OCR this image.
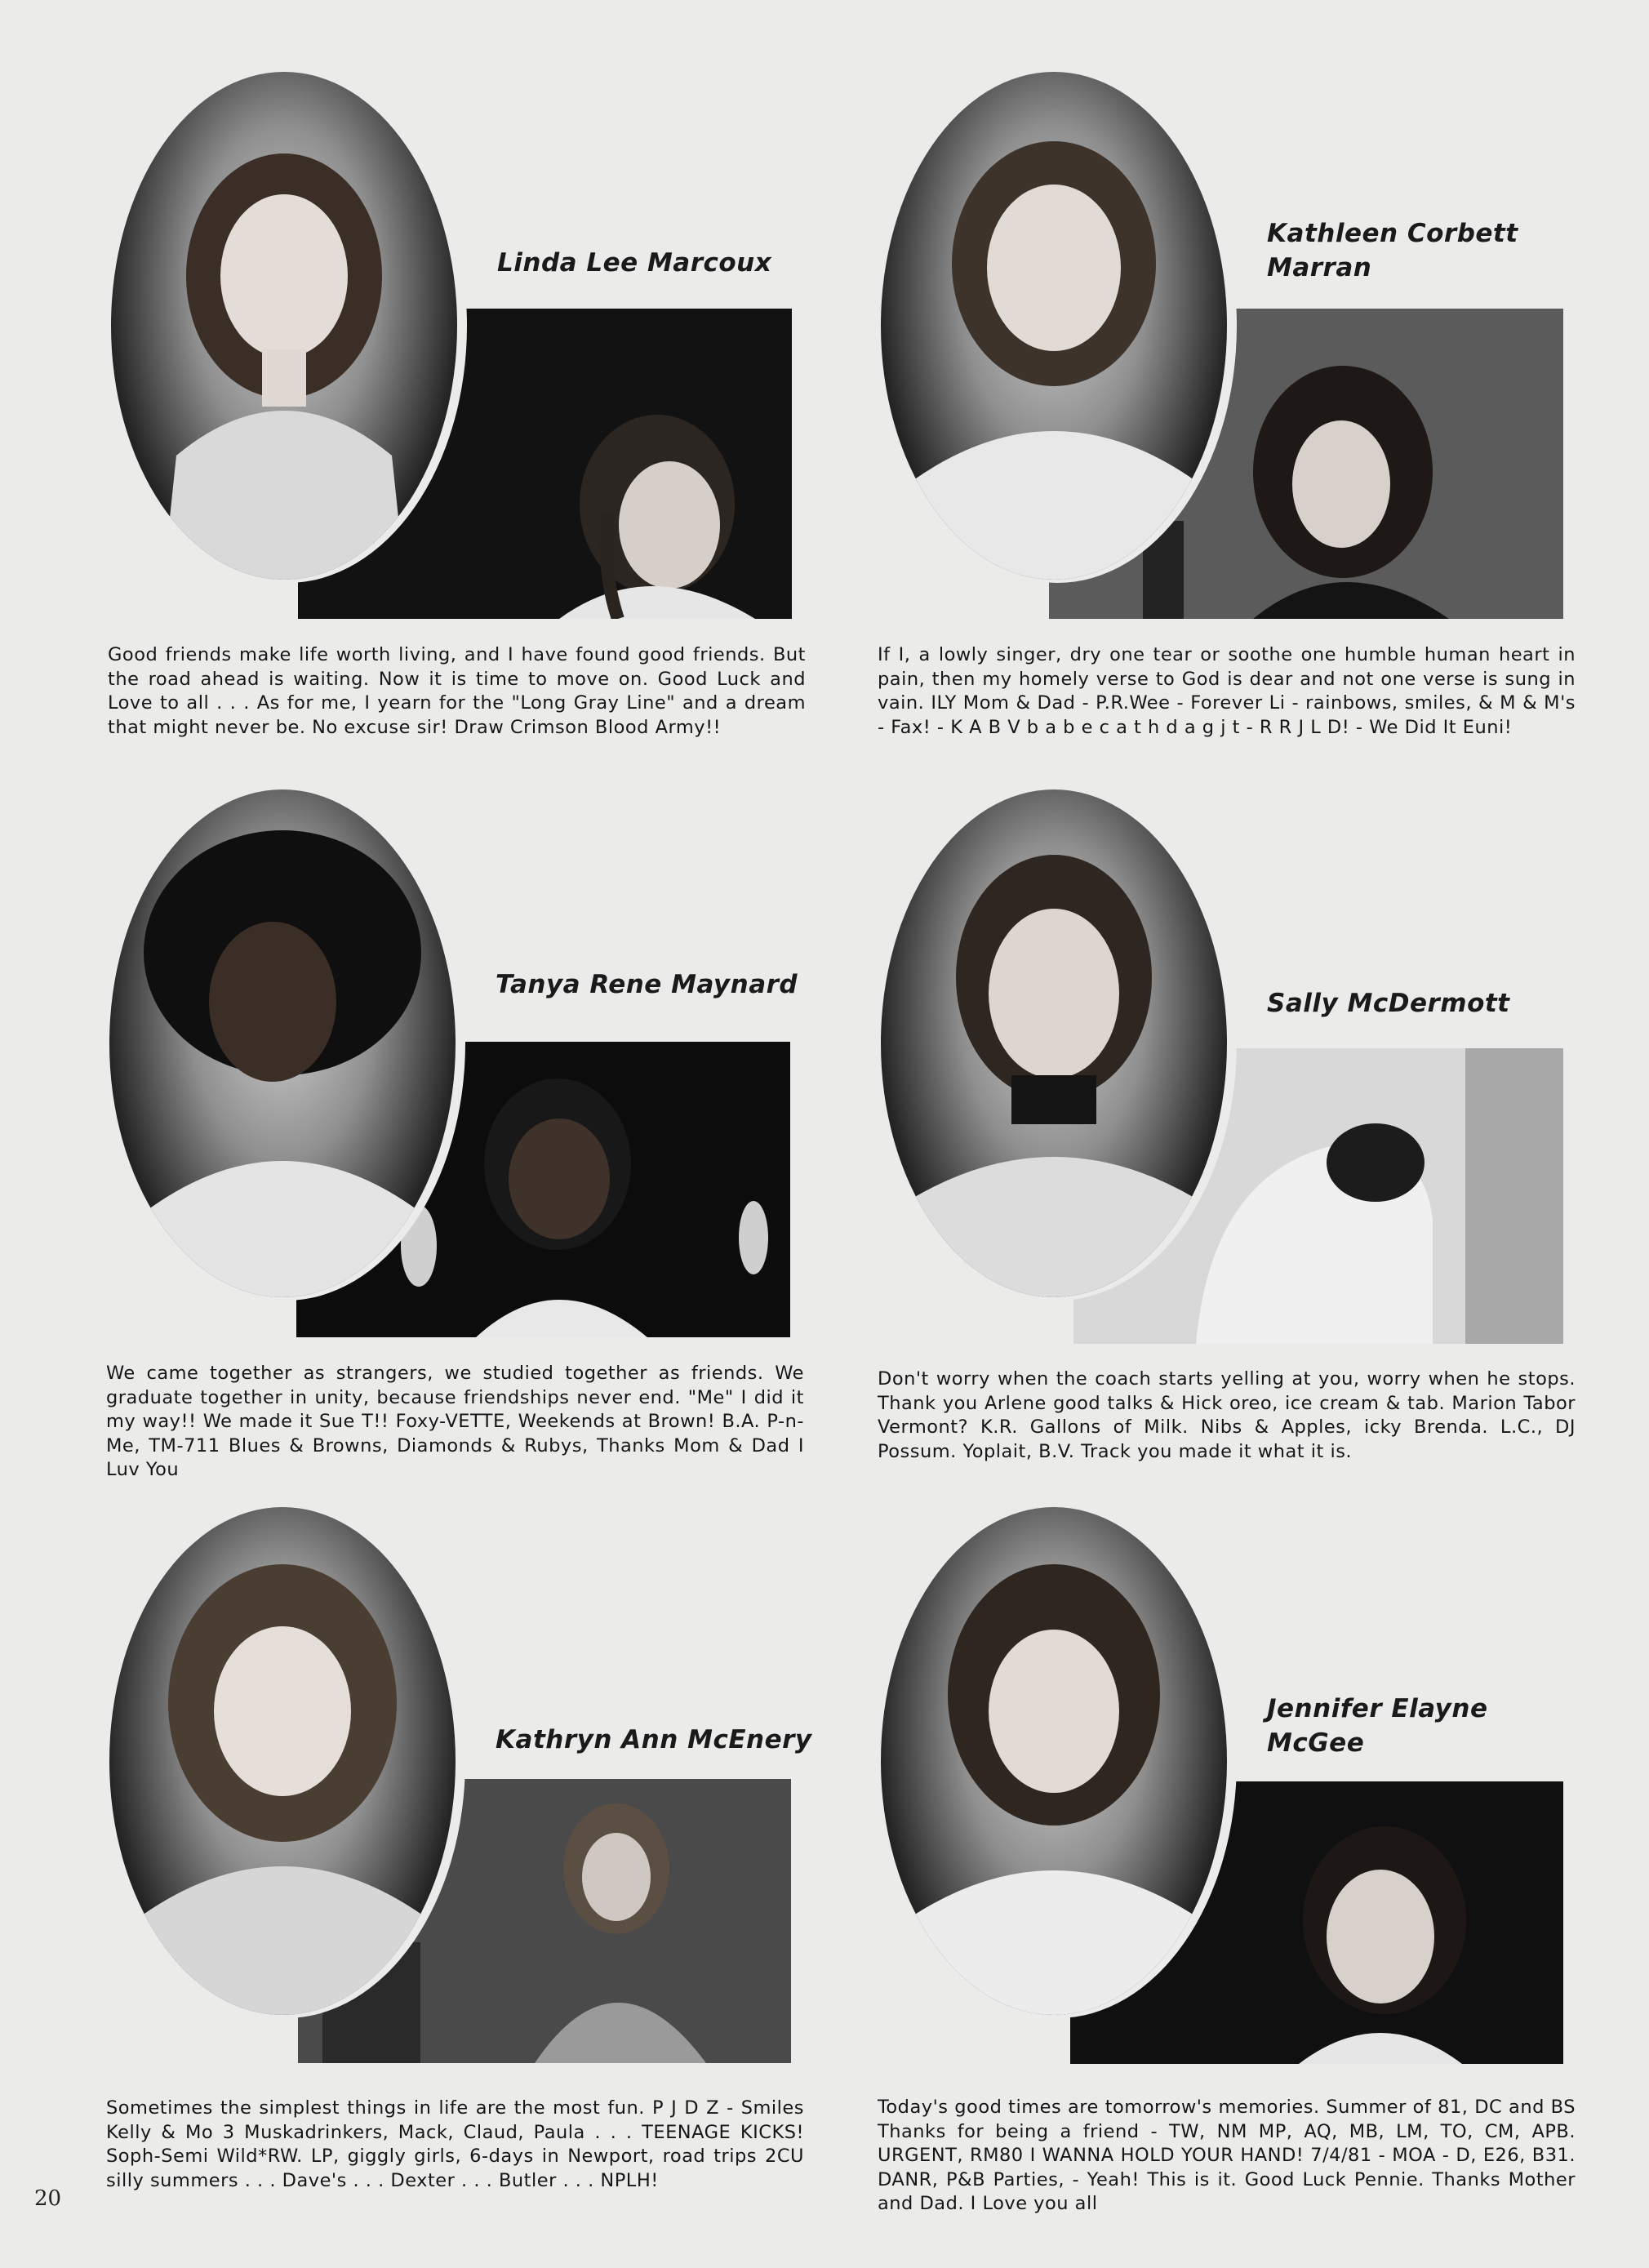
Linda Lee Marcoux

Good friends make life worth living, and I have found good friends. But the road ahead is waiting. Now it is time to move on. Good Luck and Love to all . . . As for me, I yearn for the "Long Gray Line" and a dream that might never be. No excuse sir! Draw Crimson Blood Army!!

Kathleen Corbett
Marran

If I, a lowly singer, dry one tear or soothe one humble human heart in pain, then my homely verse to God is dear and not one verse is sung in vain. ILY Mom & Dad - P.R.Wee - Forever Li - rainbows, smiles, & M & M's - Fax! - K A B V b a b e c a t h d a g j t - R R J L D! - We Did It Euni!

Tanya Rene Maynard

We came together as strangers, we studied together as friends. We graduate together in unity, because friendships never end. "Me" I did it my way!! We made it Sue T!! Foxy-VETTE, Weekends at Brown! B.A. P-n-Me, TM-711 Blues & Browns, Diamonds & Rubys, Thanks Mom & Dad I Luv You

Sally McDermott

Don't worry when the coach starts yelling at you, worry when he stops. Thank you Arlene good talks & Hick oreo, ice cream & tab. Marion Tabor Vermont? K.R. Gallons of Milk. Nibs & Apples, icky Brenda. L.C., DJ Possum. Yoplait, B.V. Track you made it what it is.

Kathryn Ann McEnery

Sometimes the simplest things in life are the most fun. P J D Z - Smiles Kelly & Mo 3 Muskadrinkers, Mack, Claud, Paula . . . TEENAGE KICKS! Soph-Semi Wild*RW. LP, giggly girls, 6-days in Newport, road trips 2CU silly summers . . . Dave's . . . Dexter . . . Butler . . . NPLH!

Jennifer Elayne
McGee

Today's good times are tomorrow's memories. Summer of 81, DC and BS Thanks for being a friend - TW, NM MP, AQ, MB, LM, TO, CM, APB. URGENT, RM80 I WANNA HOLD YOUR HAND! 7/4/81 - MOA - D, E26, B31. DANR, P&B Parties, - Yeah! This is it. Good Luck Pennie. Thanks Mother and Dad. I Love you all

20
